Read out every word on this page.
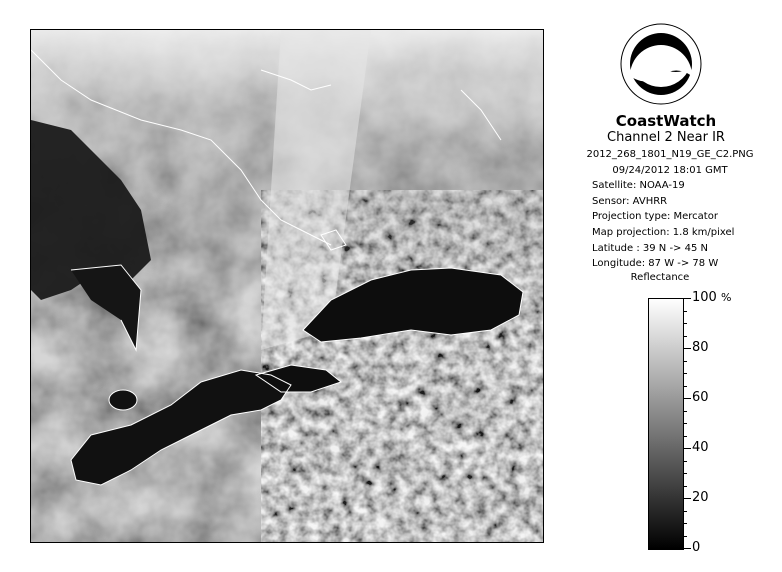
NOAA
CoastWatch
Channel 2 Near IR
2012_268_1801_N19_GE_C2.PNG
09/24/2012 18:01 GMT
Satellite: NOAA-19
Sensor: AVHRR
Projection type: Mercator
Map projection: 1.8 km/pixel
Latitude : 39 N -> 45 N
Longitude: 87 W -> 78 W
Reflectance
%
100
80
60
40
20
0
